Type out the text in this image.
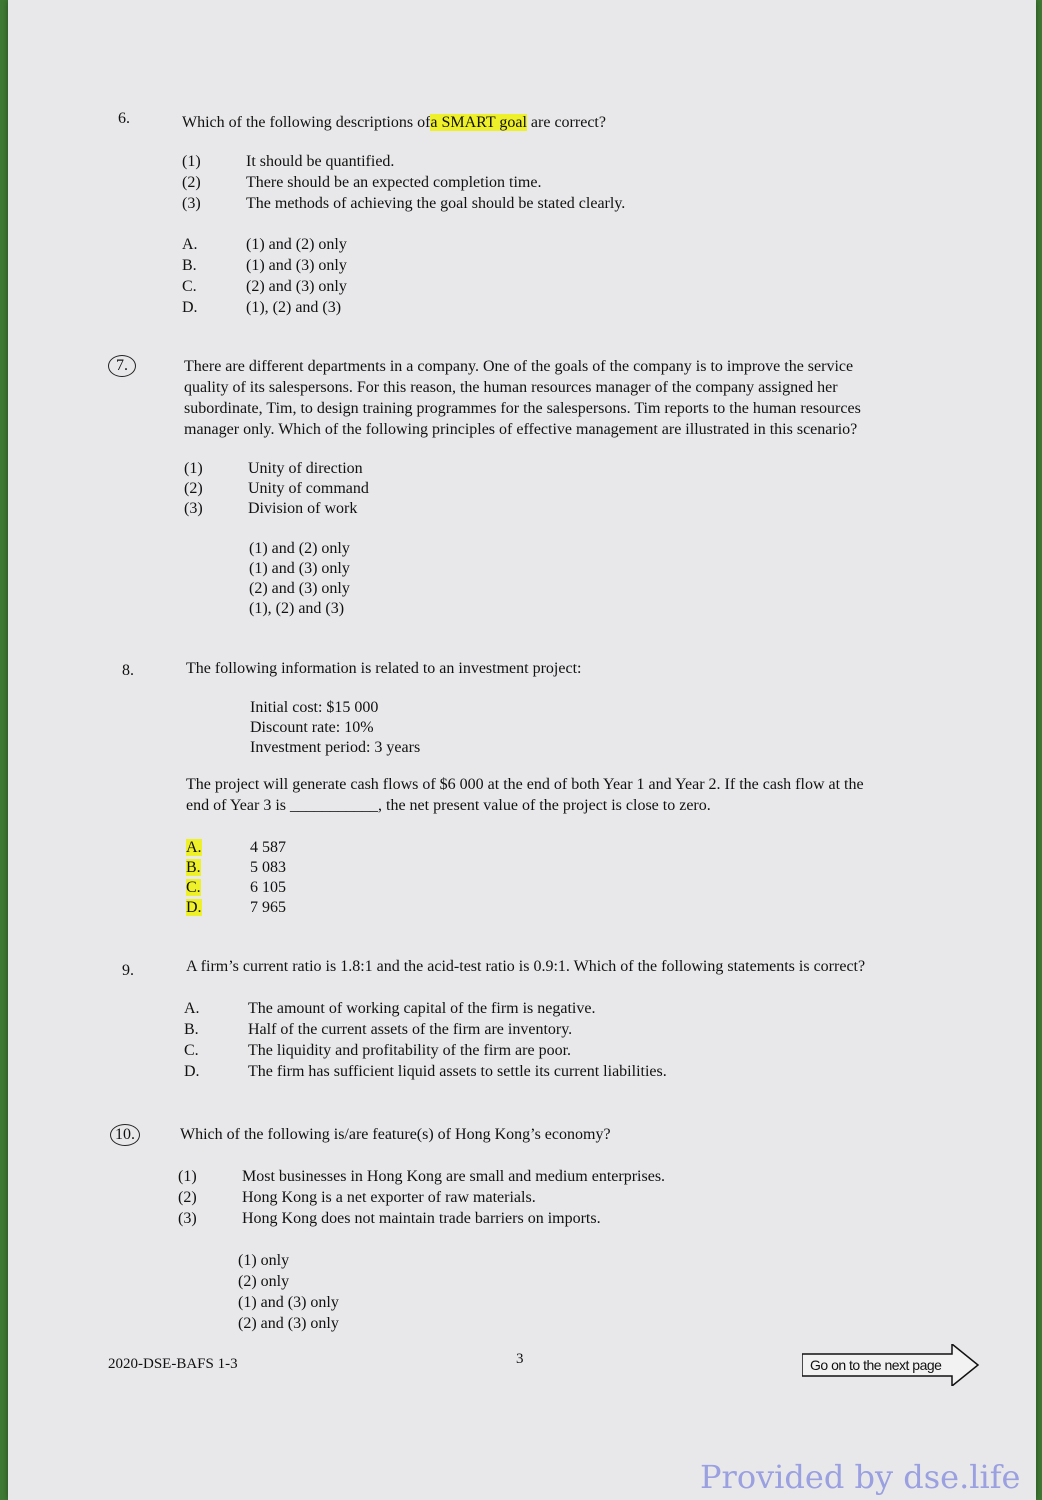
6.	Which of the following descriptions ofa SMART goal are correct?
(1)	It should be quantified.
(2)	There should be an expected completion time.
(3)	The methods of achieving the goal should be stated clearly.
A.	(1) and (2) only
B.	(1) and (3) only
C.	(2) and (3) only
D.	(1), (2) and (3)
7.	There are different departments in a company. One of the goals of the company is to improve the service
quality of its salespersons. For this reason, the human resources manager of the company assigned her
subordinate, Tim, to design training programmes for the salespersons. Tim reports to the human resources
manager only. Which of the following principles of effective management are illustrated in this scenario?
(1)	Unity of direction
(2)	Unity of command
(3)	Division of work
(1) and (2) only
(1) and (3) only
(2) and (3) only
(1), (2) and (3)
8.	The following information is related to an investment project:
Initial cost: $15 000
Discount rate: 10%
Investment period: 3 years
The project will generate cash flows of $6 000 at the end of both Year 1 and Year 2. If the cash flow at the
end of Year 3 is ___________, the net present value of the project is close to zero.
A.	4 587
B.	5 083
C.	6 105
D.	7 965
9.	A firm’s current ratio is 1.8:1 and the acid-test ratio is 0.9:1. Which of the following statements is correct?
A.	The amount of working capital of the firm is negative.
B.	Half of the current assets of the firm are inventory.
C.	The liquidity and profitability of the firm are poor.
D.	The firm has sufficient liquid assets to settle its current liabilities.
10.	Which of the following is/are feature(s) of Hong Kong’s economy?
(1)	Most businesses in Hong Kong are small and medium enterprises.
(2)	Hong Kong is a net exporter of raw materials.
(3)	Hong Kong does not maintain trade barriers on imports.
(1) only
(2) only
(1) and (3) only
(2) and (3) only
2020-DSE-BAFS 1-3	3	Go on to the next page
Provided by dse.life
